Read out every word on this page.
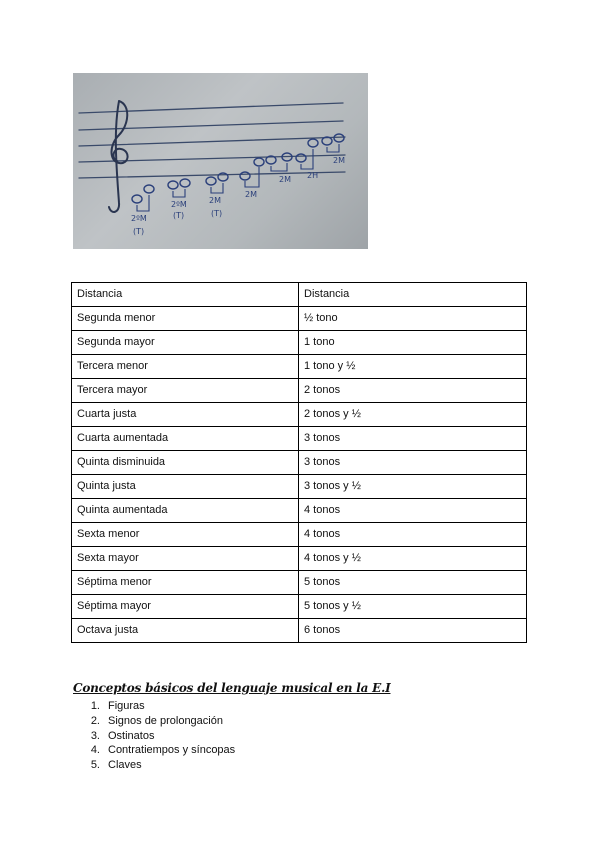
2ºM
(T)
2ºM
(T)
2M
(T)
2M
2M 2H
2M
Distancia	Distancia
Segunda menor	½ tono
Segunda mayor	1 tono
Tercera menor	1 tono y ½
Tercera mayor	2 tonos
Cuarta justa	2 tonos y ½
Cuarta aumentada	3 tonos
Quinta disminuida	3 tonos
Quinta justa	3 tonos y ½
Quinta aumentada	4 tonos
Sexta menor	4 tonos
Sexta mayor	4 tonos y ½
Séptima menor	5 tonos
Séptima mayor	5 tonos y ½
Octava justa	6 tonos
Conceptos básicos del lenguaje musical en la E.I
1. Figuras
2. Signos de prolongación
3. Ostinatos
4. Contratiempos y síncopas
5. Claves
